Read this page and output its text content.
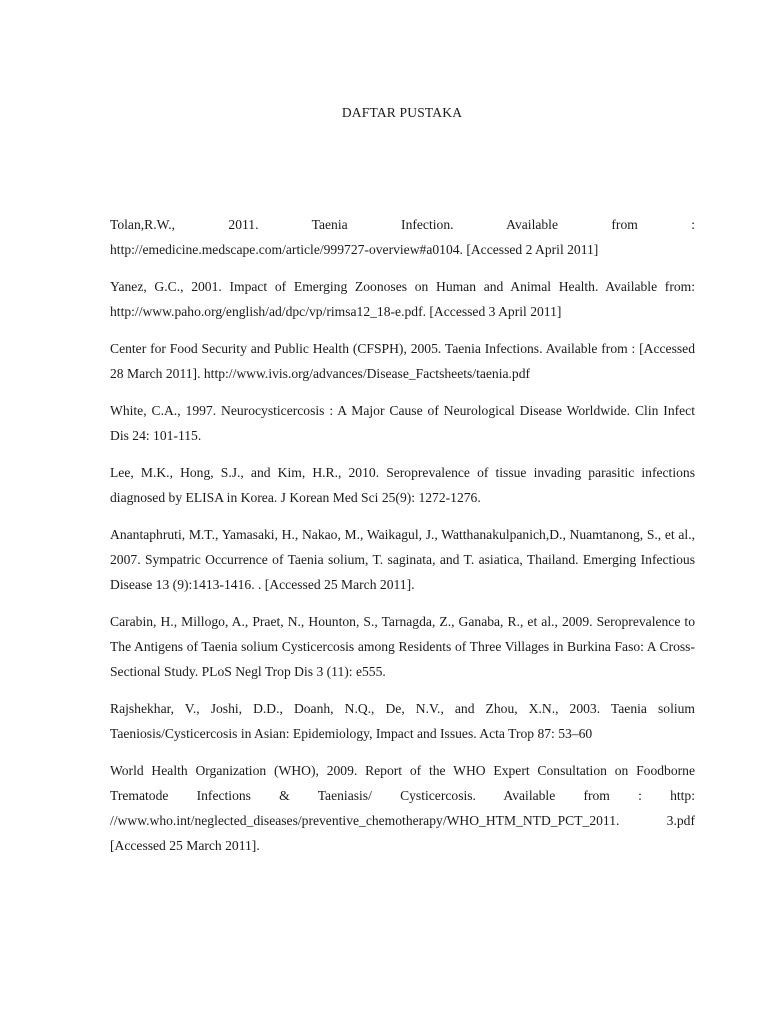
DAFTAR PUSTAKA
Tolan,R.W., 2011. Taenia Infection. Available from :
http://emedicine.medscape.com/article/999727-overview#a0104. [Accessed 2 April 2011]
Yanez, G.C., 2001. Impact of Emerging Zoonoses on Human and Animal Health. Available from: http://www.paho.org/english/ad/dpc/vp/rimsa12_18-e.pdf. [Accessed 3 April 2011]
Center for Food Security and Public Health (CFSPH), 2005. Taenia Infections. Available from : [Accessed 28 March 2011]. http://www.ivis.org/advances/Disease_Factsheets/taenia.pdf
White, C.A., 1997. Neurocysticercosis : A Major Cause of Neurological Disease Worldwide. Clin Infect Dis 24: 101-115.
Lee, M.K., Hong, S.J., and Kim, H.R., 2010. Seroprevalence of tissue invading parasitic infections diagnosed by ELISA in Korea. J Korean Med Sci 25(9): 1272-1276.
Anantaphruti, M.T., Yamasaki, H., Nakao, M., Waikagul, J., Watthanakulpanich,D., Nuamtanong, S., et al., 2007. Sympatric Occurrence of Taenia solium, T. saginata, and T. asiatica, Thailand. Emerging Infectious Disease 13 (9):1413-1416. . [Accessed 25 March 2011].
Carabin, H., Millogo, A., Praet, N., Hounton, S., Tarnagda, Z., Ganaba, R., et al., 2009. Seroprevalence to The Antigens of Taenia solium Cysticercosis among Residents of Three Villages in Burkina Faso: A Cross-Sectional Study. PLoS Negl Trop Dis 3 (11): e555.
Rajshekhar, V., Joshi, D.D., Doanh, N.Q., De, N.V., and Zhou, X.N., 2003. Taenia solium Taeniosis/Cysticercosis in Asian: Epidemiology, Impact and Issues. Acta Trop 87: 53–60
World Health Organization (WHO), 2009. Report of the WHO Expert Consultation on Foodborne Trematode Infections & Taeniasis/ Cysticercosis. Available from : http: //www.who.int/neglected_diseases/preventive_chemotherapy/WHO_HTM_NTD_PCT_2011. 3.pdf [Accessed 25 March 2011].
